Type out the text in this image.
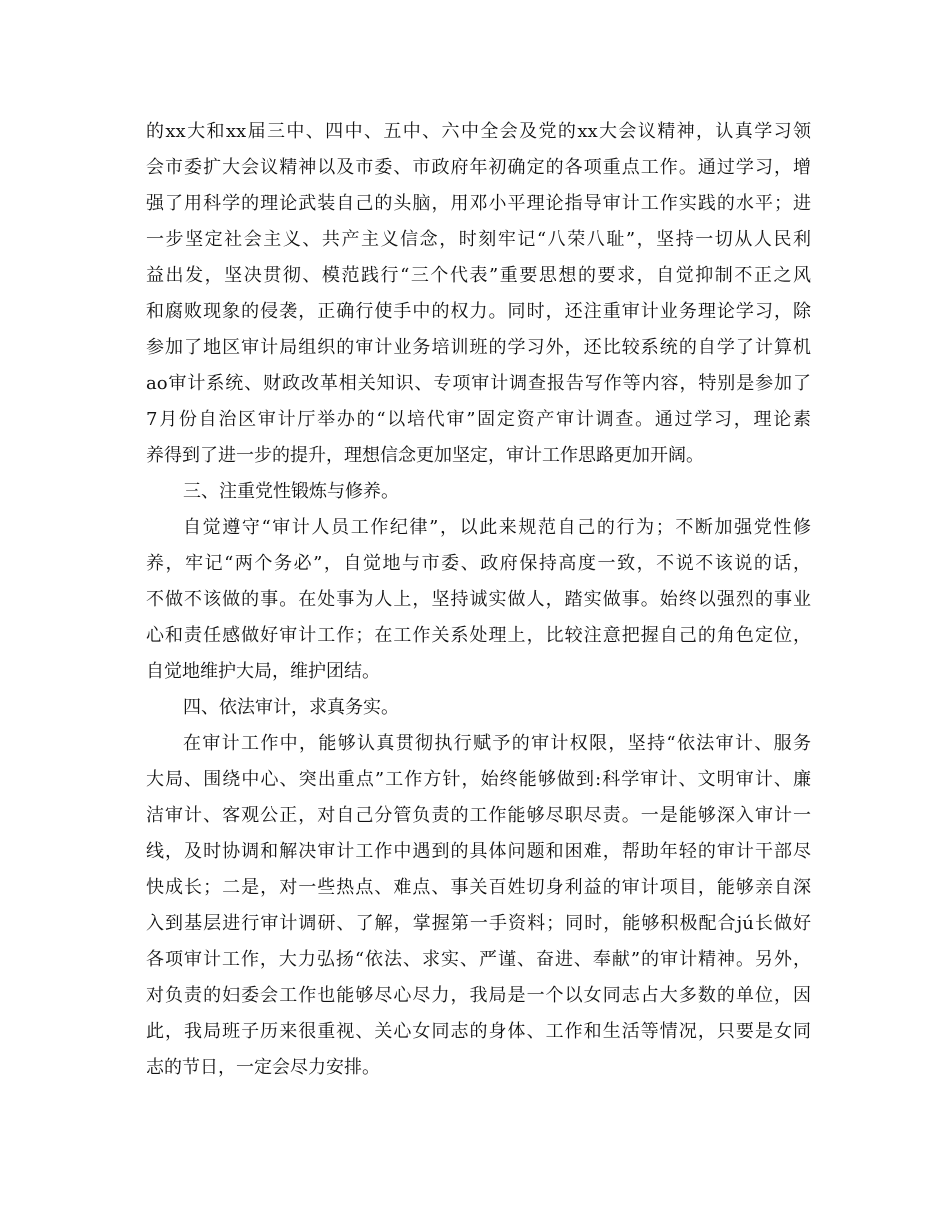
的xx大和xx届三中、四中、五中、六中全会及党的xx大会议精神，认真学习领
会市委扩大会议精神以及市委、市政府年初确定的各项重点工作。通过学习，增
强了用科学的理论武装自己的头脑，用邓小平理论指导审计工作实践的水平；进
一步坚定社会主义、共产主义信念，时刻牢记“八荣八耻”，坚持一切从人民利
益出发，坚决贯彻、模范践行“三个代表”重要思想的要求，自觉抑制不正之风
和腐败现象的侵袭，正确行使手中的权力。同时，还注重审计业务理论学习，除
参加了地区审计局组织的审计业务培训班的学习外，还比较系统的自学了计算机
ao审计系统、财政改革相关知识、专项审计调查报告写作等内容，特别是参加了
7月份自治区审计厅举办的“以培代审”固定资产审计调查。通过学习，理论素
养得到了进一步的提升，理想信念更加坚定，审计工作思路更加开阔。
三、注重党性锻炼与修养。
自觉遵守“审计人员工作纪律”，以此来规范自己的行为；不断加强党性修
养，牢记“两个务必”，自觉地与市委、政府保持高度一致，不说不该说的话，
不做不该做的事。在处事为人上，坚持诚实做人，踏实做事。始终以强烈的事业
心和责任感做好审计工作；在工作关系处理上，比较注意把握自己的角色定位，
自觉地维护大局，维护团结。
四、依法审计，求真务实。
在审计工作中，能够认真贯彻执行赋予的审计权限，坚持“依法审计、服务
大局、围绕中心、突出重点”工作方针，始终能够做到:科学审计、文明审计、廉
洁审计、客观公正，对自己分管负责的工作能够尽职尽责。一是能够深入审计一
线，及时协调和解决审计工作中遇到的具体问题和困难，帮助年轻的审计干部尽
快成长；二是，对一些热点、难点、事关百姓切身利益的审计项目，能够亲自深
入到基层进行审计调研、了解，掌握第一手资料；同时，能够积极配合jú长做好
各项审计工作，大力弘扬“依法、求实、严谨、奋进、奉献”的审计精神。另外，
对负责的妇委会工作也能够尽心尽力，我局是一个以女同志占大多数的单位，因
此，我局班子历来很重视、关心女同志的身体、工作和生活等情况，只要是女同
志的节日，一定会尽力安排。
